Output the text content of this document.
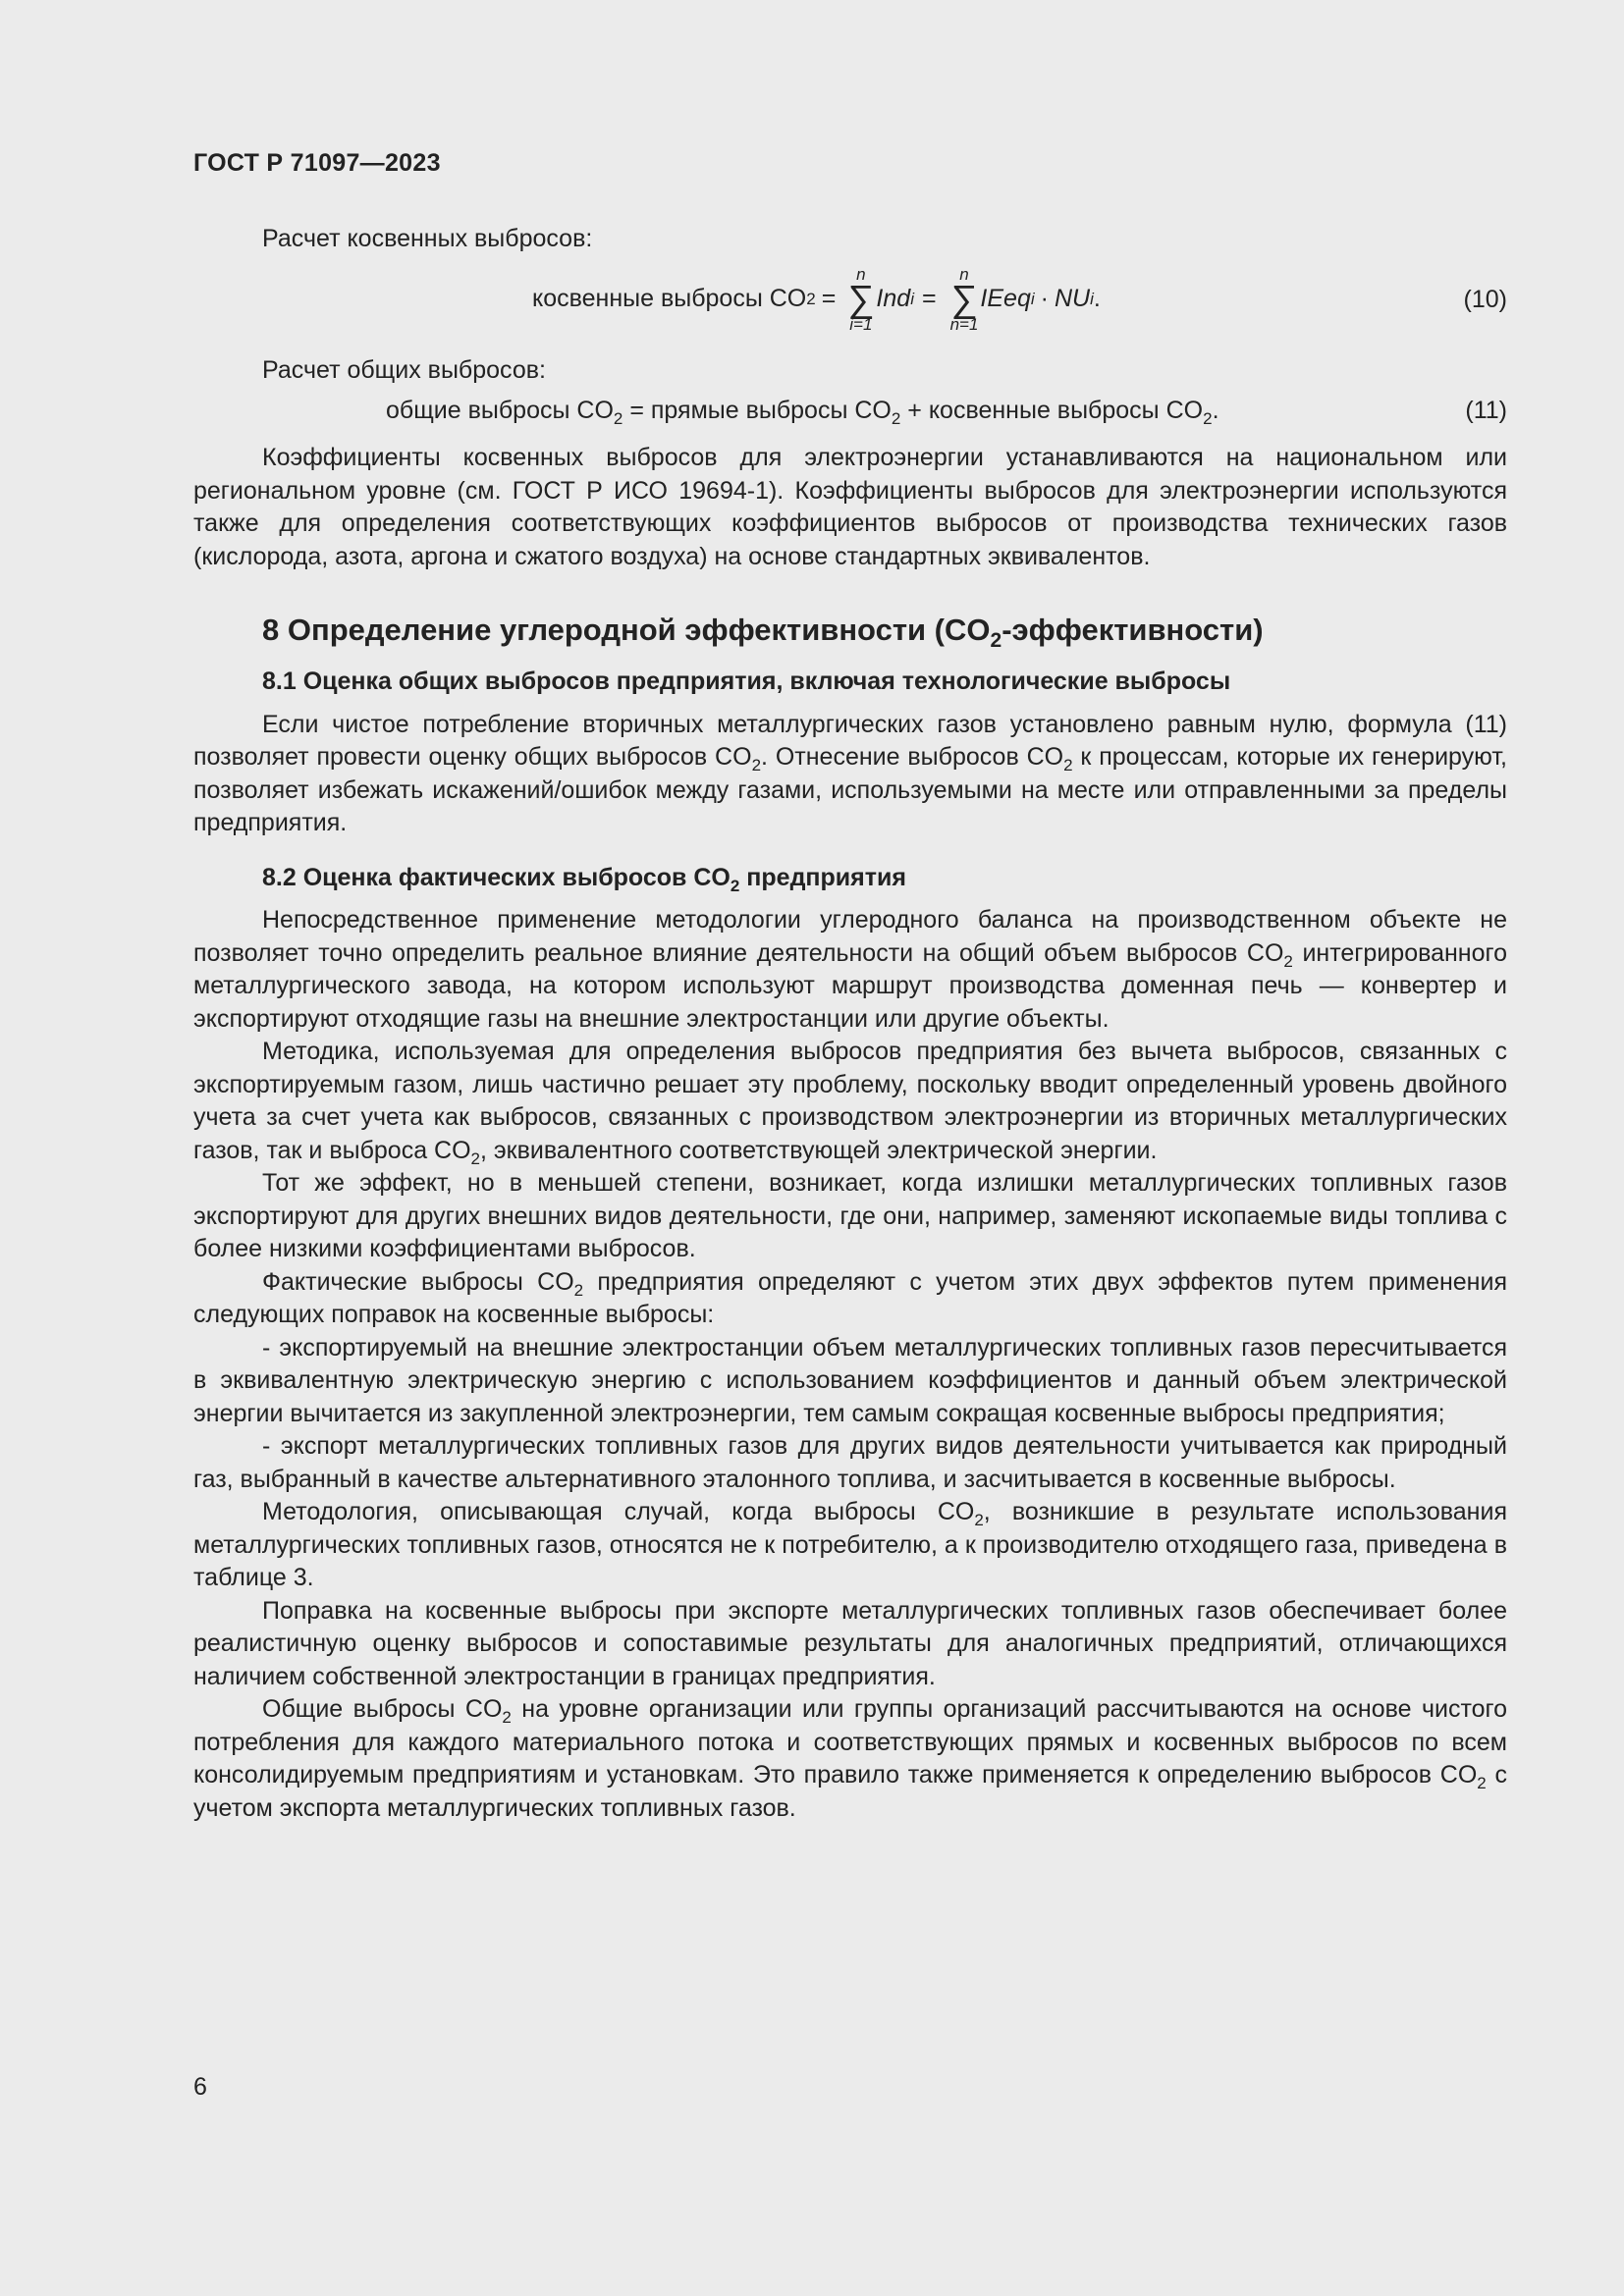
ГОСТ Р 71097—2023

Расчет косвенных выбросов:

косвенные выбросы CO 2 =
n
∑
i=1
Ind i =
n
∑
n=1
IEeq i · NU i .	(10)

Расчет общих выбросов:

общие выбросы $CO_2$ = прямые выбросы $CO_2$ + косвенные выбросы $CO_2$.	(11)

Коэффициенты косвенных выбросов для электроэнергии устанавливаются на национальном или региональном уровне (см. ГОСТ Р ИСО 19694-1). Коэффициенты выбросов для электроэнергии используются также для определения соответствующих коэффициентов выбросов от производства технических газов (кислорода, азота, аргона и сжатого воздуха) на основе стандартных эквивалентов.

8 Определение углеродной эффективности $(CO_2-эффективности)$
8.1 Оценка общих выбросов предприятия, включая технологические выбросы

Если чистое потребление вторичных металлургических газов установлено равным нулю, формула (11) позволяет провести оценку общих выбросов $CO_2$. Отнесение выбросов $CO_2$ к процессам, которые их генерируют, позволяет избежать искажений/ошибок между газами, используемыми на месте или отправленными за пределы предприятия.

8.2 Оценка фактических выбросов $CO_2$ предприятия

Непосредственное применение методологии углеродного баланса на производственном объекте не позволяет точно определить реальное влияние деятельности на общий объем выбросов $CO_2$ интегрированного металлургического завода, на котором используют маршрут производства доменная печь — конвертер и экспортируют отходящие газы на внешние электростанции или другие объекты.

Методика, используемая для определения выбросов предприятия без вычета выбросов, связанных с экспортируемым газом, лишь частично решает эту проблему, поскольку вводит определенный уровень двойного учета за счет учета как выбросов, связанных с производством электроэнергии из вторичных металлургических газов, так и выброса $CO_2$, эквивалентного соответствующей электрической энергии.

Тот же эффект, но в меньшей степени, возникает, когда излишки металлургических топливных газов экспортируют для других внешних видов деятельности, где они, например, заменяют ископаемые виды топлива с более низкими коэффициентами выбросов.

Фактические выбросы $CO_2$ предприятия определяют с учетом этих двух эффектов путем применения следующих поправок на косвенные выбросы:

- экспортируемый на внешние электростанции объем металлургических топливных газов пересчитывается в эквивалентную электрическую энергию с использованием коэффициентов и данный объем электрической энергии вычитается из закупленной электроэнергии, тем самым сокращая косвенные выбросы предприятия;

- экспорт металлургических топливных газов для других видов деятельности учитывается как природный газ, выбранный в качестве альтернативного эталонного топлива, и засчитывается в косвенные выбросы.

Методология, описывающая случай, когда выбросы $CO_2$, возникшие в результате использования металлургических топливных газов, относятся не к потребителю, а к производителю отходящего газа, приведена в таблице 3.

Поправка на косвенные выбросы при экспорте металлургических топливных газов обеспечивает более реалистичную оценку выбросов и сопоставимые результаты для аналогичных предприятий, отличающихся наличием собственной электростанции в границах предприятия.

Общие выбросы $CO_2$ на уровне организации или группы организаций рассчитываются на основе чистого потребления для каждого материального потока и соответствующих прямых и косвенных выбросов по всем консолидируемым предприятиям и установкам. Это правило также применяется к определению выбросов $CO_2$ с учетом экспорта металлургических топливных газов.

6
